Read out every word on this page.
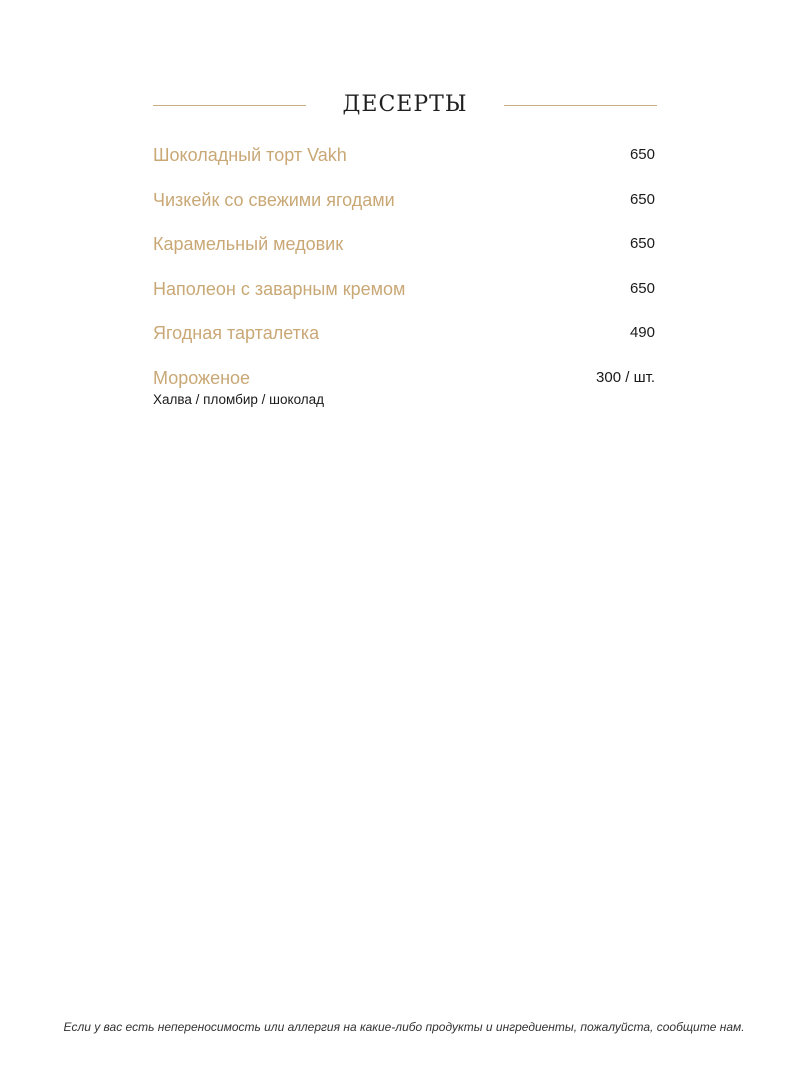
ДЕСЕРТЫ
Шоколадный торт Vakh	650
Чизкейк со свежими ягодами	650
Карамельный медовик	650
Наполеон с заварным кремом	650
Ягодная тарталетка	490
Мороженое	300 / шт.
Халва / пломбир / шоколад
Если у вас есть непереносимость или аллергия на какие-либо продукты и ингредиенты, пожалуйста, сообщите нам.
